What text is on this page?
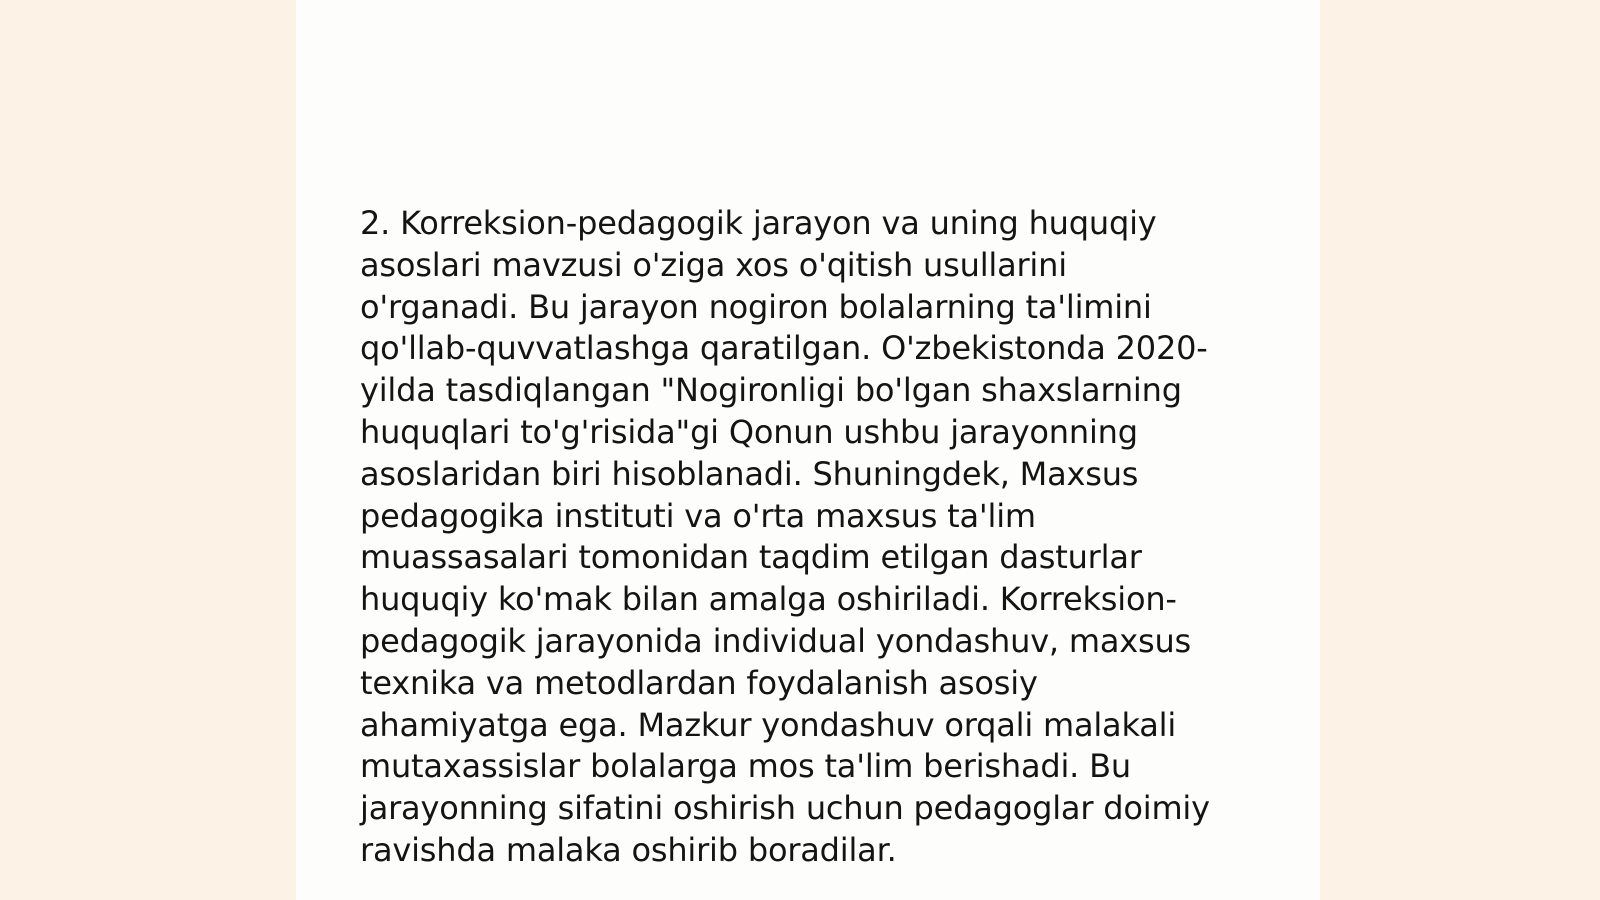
2. Korreksion-pedagogik jarayon va uning huquqiy
asoslari mavzusi o'ziga xos o'qitish usullarini
o'rganadi. Bu jarayon nogiron bolalarning ta'limini
qo'llab-quvvatlashga qaratilgan. O'zbekistonda 2020-
yilda tasdiqlangan "Nogironligi bo'lgan shaxslarning
huquqlari to'g'risida"gi Qonun ushbu jarayonning
asoslaridan biri hisoblanadi. Shuningdek, Maxsus
pedagogika instituti va o'rta maxsus ta'lim
muassasalari tomonidan taqdim etilgan dasturlar
huquqiy ko'mak bilan amalga oshiriladi. Korreksion-
pedagogik jarayonida individual yondashuv, maxsus
texnika va metodlardan foydalanish asosiy
ahamiyatga ega. Mazkur yondashuv orqali malakali
mutaxassislar bolalarga mos ta'lim berishadi. Bu
jarayonning sifatini oshirish uchun pedagoglar doimiy
ravishda malaka oshirib boradilar.
